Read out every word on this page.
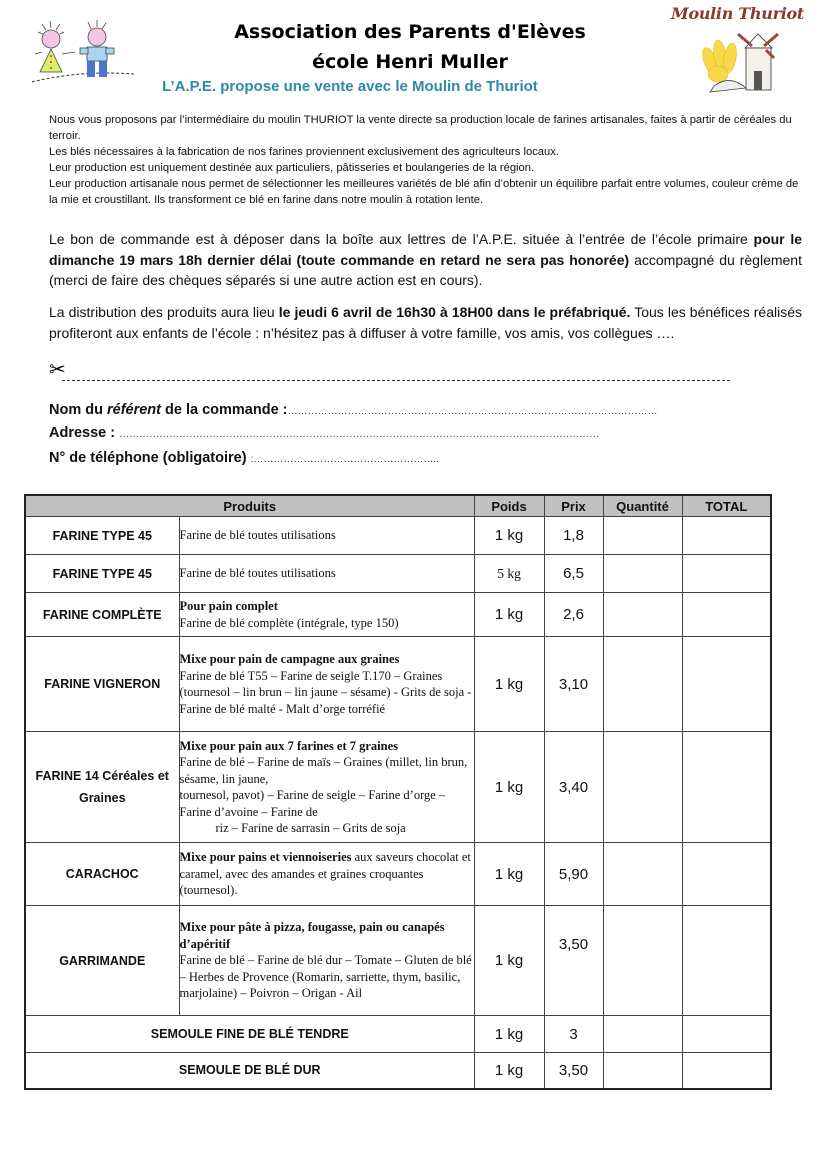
Association des Parents d'Elèves
école Henri Muller
L’A.P.E. propose une vente avec le Moulin de Thuriot
Moulin Thuriot

Nous vous proposons par l’intermédiaire du moulin THURIOT la vente directe sa production locale de farines artisanales, faites à partir de céréales du terroir.

Les blés nécessaires à la fabrication de nos farines proviennent exclusivement des agriculteurs locaux.

Leur production est uniquement destinée aux particuliers, pâtisseries et boulangeries de la région.

Leur production artisanale nous permet de sélectionner les meilleures variétés de blé afin d’obtenir un équilibre parfait entre volumes, couleur crème de la mie et croustillant. Ils transforment ce blé en farine dans notre moulin à rotation lente.

Le bon de commande est à déposer dans la boîte aux lettres de l’A.P.E. située à l’entrée de l’école primaire pour le dimanche 19 mars 18h dernier délai (toute commande en retard ne sera pas honorée) accompagné du règlement (merci de faire des chèques séparés si une autre action est en cours).

La distribution des produits aura lieu le jeudi 6 avril de 16h30 à 18H00 dans le préfabriqué. Tous les bénéfices réalisés profiteront aux enfants de l’école : n’hésitez pas à diffuser à votre famille, vos amis, vos collègues ….

✂
Nom du référent de la commande :…………………………………………………………………………………………………
Adresse : ………………………………………………………………………………………………………………………………
N° de téléphone (obligatoire) :………………………………………………..
Produits		Poids	Prix	Quantité	TOTAL
FARINE TYPE 45	Farine de blé toutes utilisations	1 kg	1,8		
FARINE TYPE 45	Farine de blé toutes utilisations	5 kg	6,5		
FARINE COMPLÈTE	Pour pain complet
Farine de blé complète (intégrale, type 150)	1 kg	2,6		
FARINE VIGNERON	Mixe pour pain de campagne aux graines
Farine de blé T55 – Farine de seigle T.170 – Graines (tournesol – lin brun – lin jaune – sésame) - Grits de soja - Farine de blé malté - Malt d’orge torréfié	1 kg	3,10		
FARINE 14 Céréales et Graines	Mixe pour pain aux 7 farines et 7 graines
Farine de blé – Farine de maïs – Graines (millet, lin brun, sésame, lin jaune,
tournesol, pavot) – Farine de seigle – Farine d’orge – Farine d’avoine – Farine de
riz – Farine de sarrasin – Grits de soja	1 kg	3,40		
CARACHOC	Mixe pour pains et viennoiseries aux saveurs chocolat et caramel, avec des amandes et graines croquantes (tournesol).	1 kg	5,90		
GARRIMANDE	Mixe pour pâte à pizza, fougasse, pain ou canapés d’apéritif
Farine de blé – Farine de blé dur – Tomate – Gluten de blé – Herbes de Provence (Romarin, sarriette, thym, basilic, marjolaine) – Poivron – Origan - Ail	1 kg	3,50		
SEMOULE FINE DE BLÉ TENDRE		1 kg	3		
SEMOULE DE BLÉ DUR		1 kg	3,50		
